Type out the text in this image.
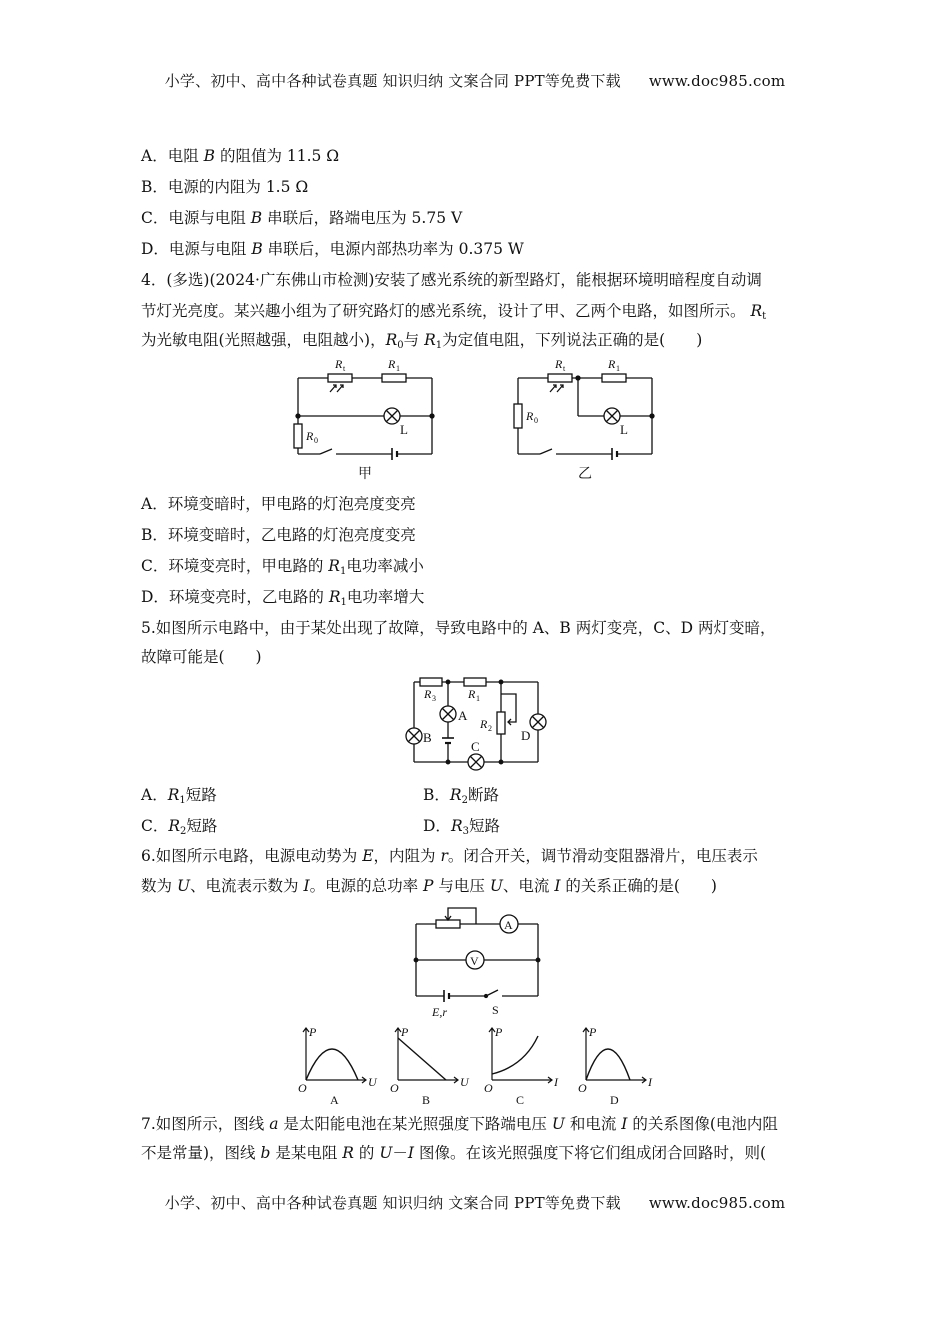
小学、初中、高中各种试卷真题 知识归纳 文案合同 PPT等免费下载 www.doc985.com
A．电阻 B 的阻值为 11.5 Ω
B．电源的内阻为 1.5 Ω
C．电源与电阻 B 串联后，路端电压为 5.75 V
D．电源与电阻 B 串联后，电源内部热功率为 0.375 W
4．(多选)(2024·广东佛山市检测)安装了感光系统的新型路灯，能根据环境明暗程度自动调
节灯光亮度。某兴趣小组为了研究路灯的感光系统，设计了甲、乙两个电路，如图所示。 $R_t$
为光敏电阻(光照越强，电阻越小)，$R_0$与 $R_1$为定值电阻，下列说法正确的是(　　)
R t	R 1
R 0
L
甲
R t	R 1
R 0
L
乙
A．环境变暗时，甲电路的灯泡亮度变亮
B．环境变暗时，乙电路的灯泡亮度变亮
C．环境变亮时，甲电路的 $R_1$电功率减小
D．环境变亮时，乙电路的 $R_1$电功率增大
5.如图所示电路中，由于某处出现了故障，导致电路中的 A、B 两灯变亮，C、D 两灯变暗，
故障可能是(　　)
R 3	R 1
R 2
A
B
C
D
A．$R_1$短路	B．$R_2$断路
C．$R_2$短路	D．$R_3$短路
6.如图所示电路，电源电动势为 E，内阻为 r。闭合开关，调节滑动变阻器滑片，电压表示
数为 U、电流表示数为 I。电源的总功率 P 与电压 U、电流 I 的关系正确的是(　　)
A
V
E,r	S
P
O	U
A
P
O	U
B
P
O	I
C
P
O	I
D
7.如图所示，图线 a 是太阳能电池在某光照强度下路端电压 U 和电流 I 的关系图像(电池内阻
不是常量)，图线 b 是某电阻 R 的 U－I 图像。在该光照强度下将它们组成闭合回路时，则(
小学、初中、高中各种试卷真题 知识归纳 文案合同 PPT等免费下载 www.doc985.com
